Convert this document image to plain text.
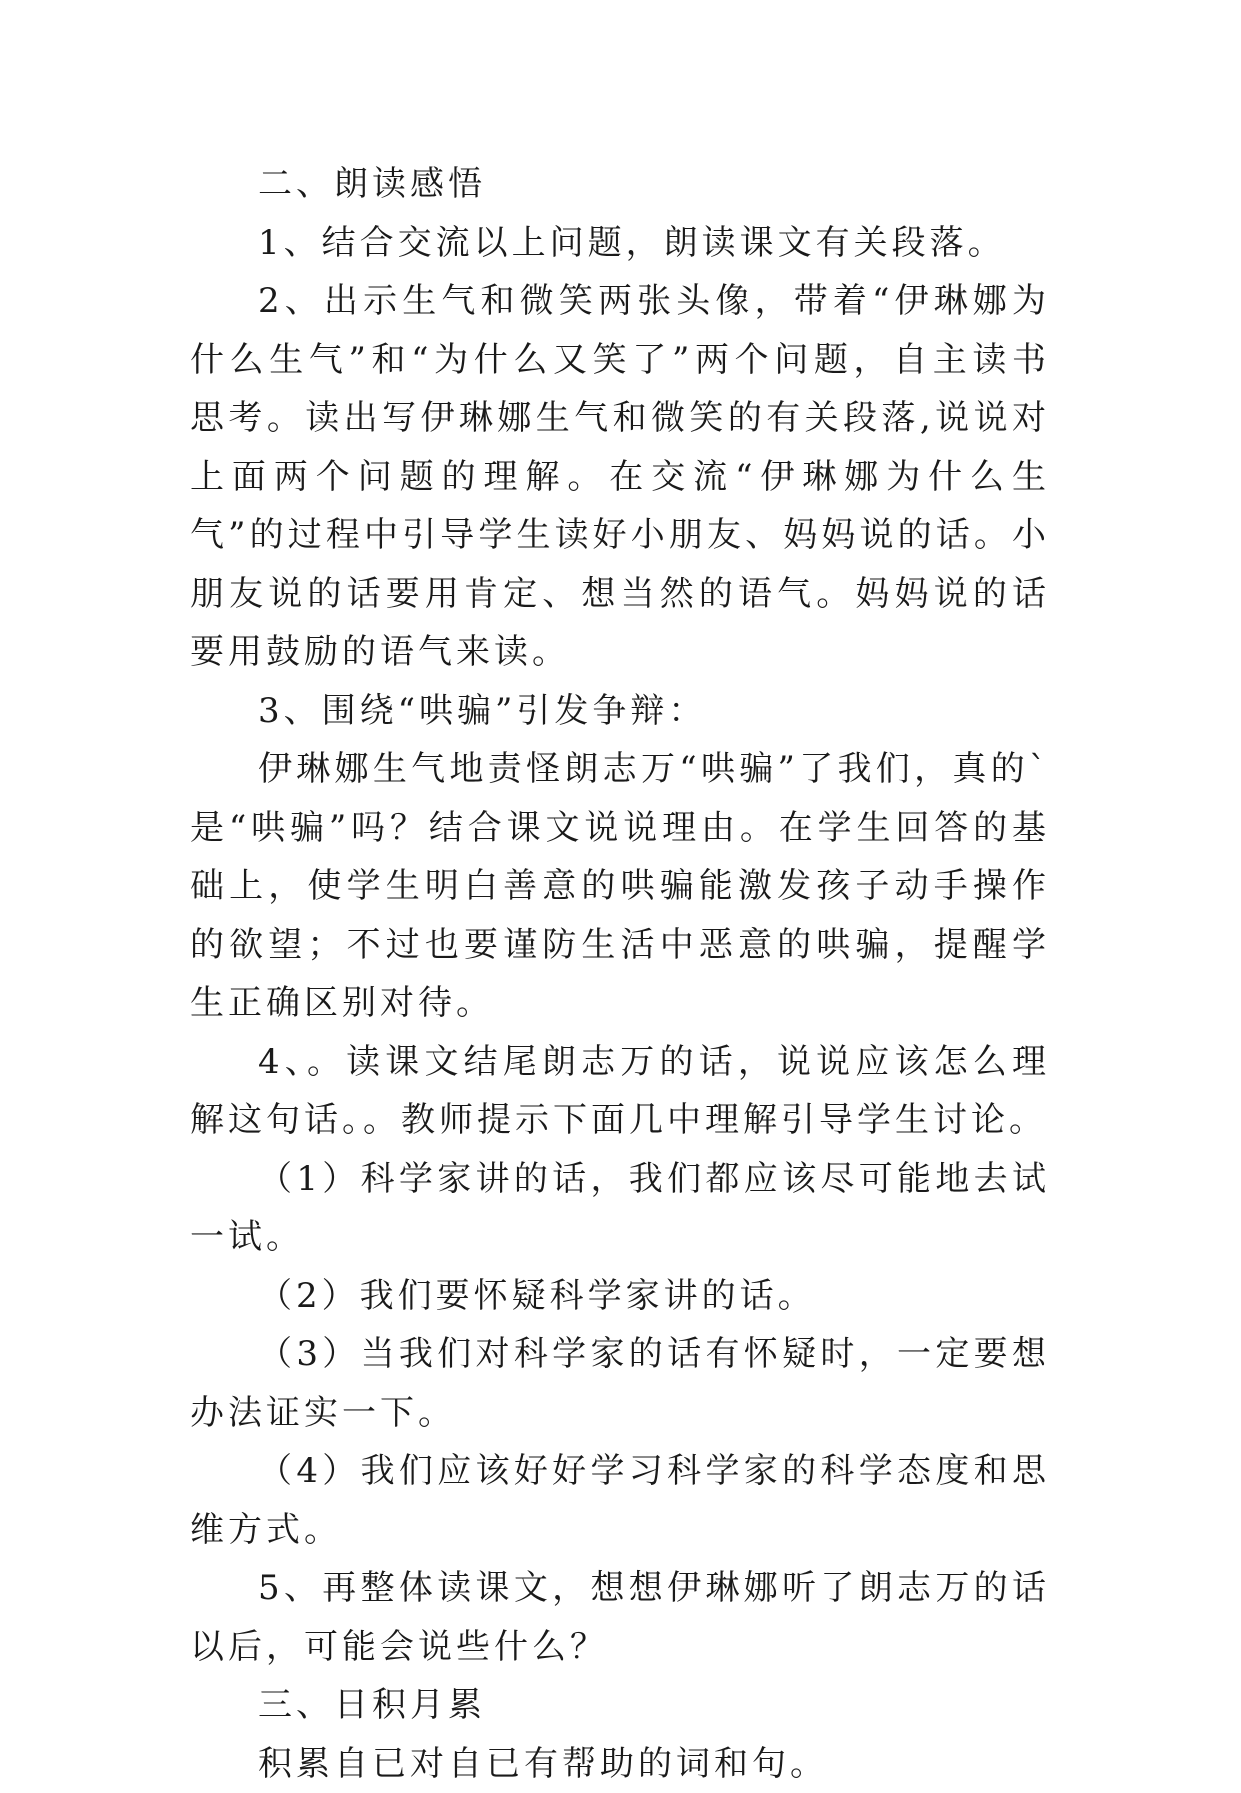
二、朗读感悟

1、结合交流以上问题，朗读课文有关段落。

2、出示生气和微笑两张头像，带着“伊琳娜为什么生气”和“为什么又笑了”两个问题，自主读书思考。读出写伊琳娜生气和微笑的有关段落,说说对上面两个问题的理解。在交流“伊琳娜为什么生气”的过程中引导学生读好小朋友、妈妈说的话。小朋友说的话要用肯定、想当然的语气。妈妈说的话要用鼓励的语气来读。

3、围绕“哄骗”引发争辩：

伊琳娜生气地责怪朗志万“哄骗”了我们，真的`是“哄骗”吗？结合课文说说理由。在学生回答的基础上，使学生明白善意的哄骗能激发孩子动手操作的欲望；不过也要谨防生活中恶意的哄骗，提醒学生正确区别对待。

4、。读课文结尾朗志万的话，说说应该怎么理解这句话。。教师提示下面几中理解引导学生讨论。

（1）科学家讲的话，我们都应该尽可能地去试一试。

（2）我们要怀疑科学家讲的话。

（3）当我们对科学家的话有怀疑时，一定要想办法证实一下。

（4）我们应该好好学习科学家的科学态度和思维方式。

5、再整体读课文，想想伊琳娜听了朗志万的话以后，可能会说些什么？

三、日积月累

积累自已对自已有帮助的词和句。
